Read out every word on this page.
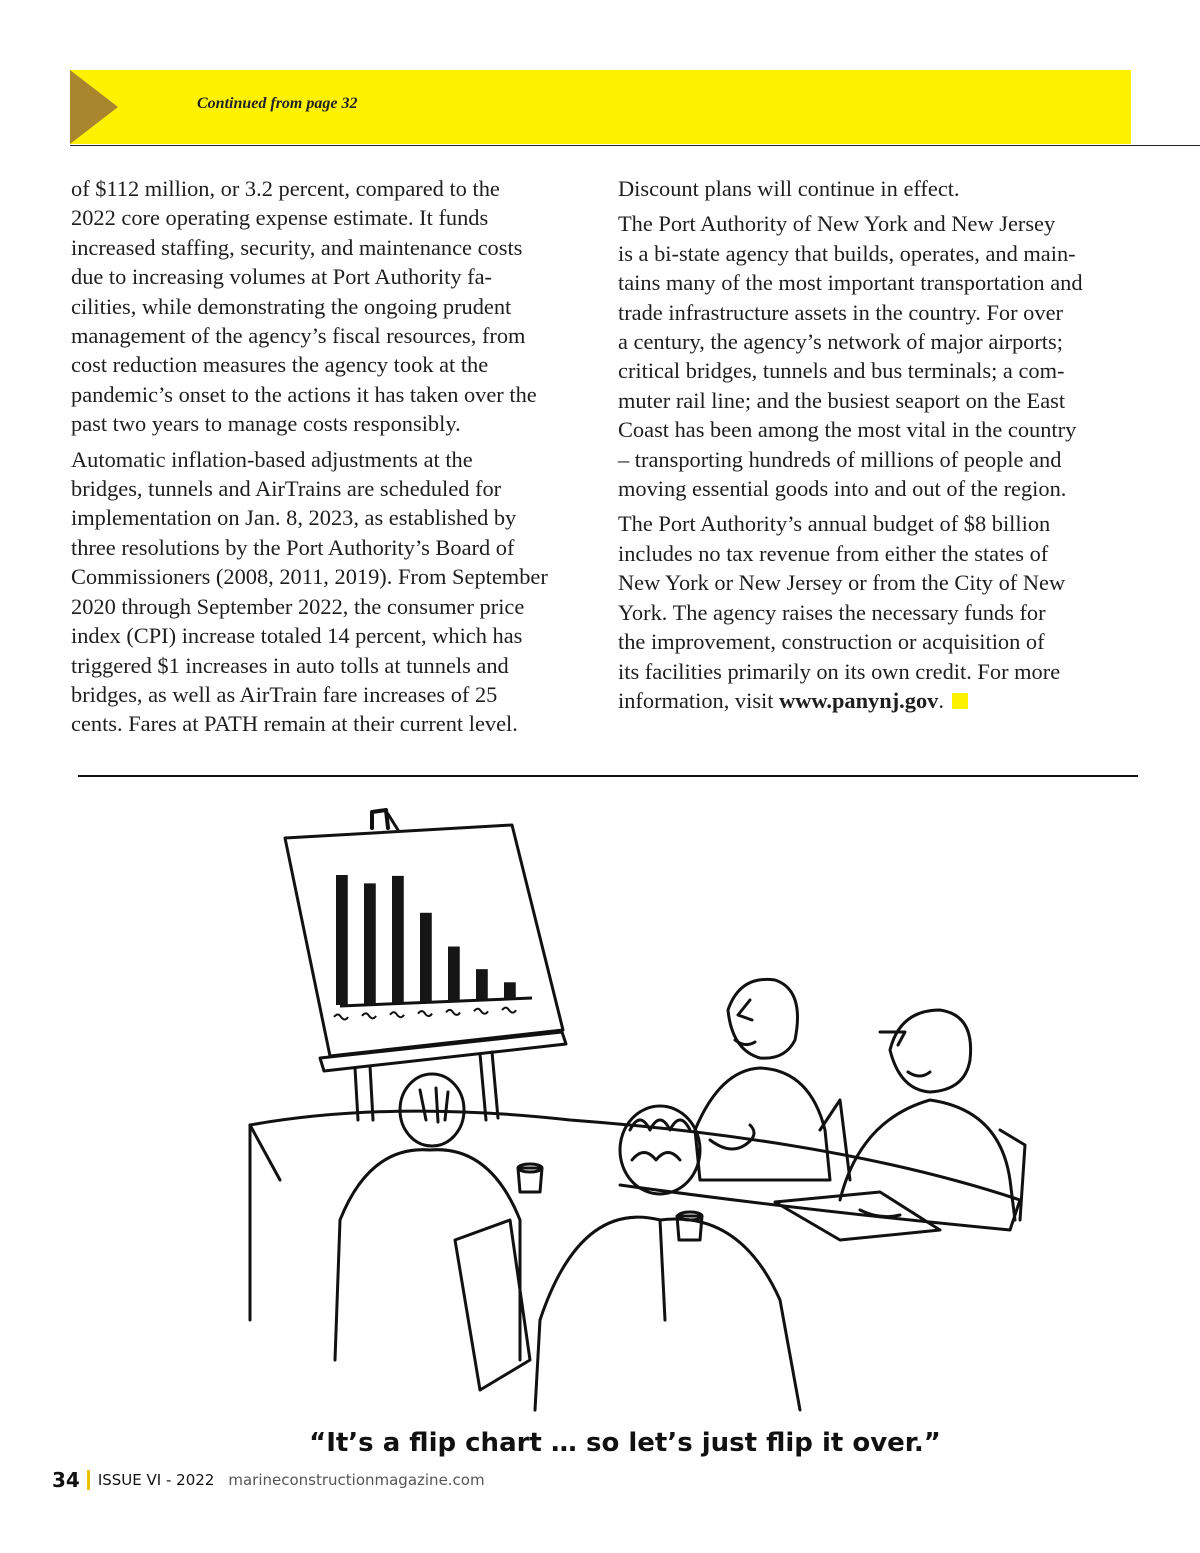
Continued from page 32

of $112 million, or 3.2 percent, compared to the
2022 core operating expense estimate. It funds
increased staffing, security, and maintenance costs
due to increasing volumes at Port Authority fa-
cilities, while demonstrating the ongoing prudent
management of the agency’s fiscal resources, from
cost reduction measures the agency took at the
pandemic’s onset to the actions it has taken over the
past two years to manage costs responsibly.

Automatic inflation-based adjustments at the
bridges, tunnels and AirTrains are scheduled for
implementation on Jan. 8, 2023, as established by
three resolutions by the Port Authority’s Board of
Commissioners (2008, 2011, 2019). From September
2020 through September 2022, the consumer price
index (CPI) increase totaled 14 percent, which has
triggered $1 increases in auto tolls at tunnels and
bridges, as well as AirTrain fare increases of 25
cents. Fares at PATH remain at their current level.

Discount plans will continue in effect.

The Port Authority of New York and New Jersey
is a bi-state agency that builds, operates, and main-
tains many of the most important transportation and
trade infrastructure assets in the country. For over
a century, the agency’s network of major airports;
critical bridges, tunnels and bus terminals; a com-
muter rail line; and the busiest seaport on the East
Coast has been among the most vital in the country
– transporting hundreds of millions of people and
moving essential goods into and out of the region.

The Port Authority’s annual budget of $8 billion
includes no tax revenue from either the states of
New York or New Jersey or from the City of New
York. The agency raises the necessary funds for
the improvement, construction or acquisition of
its facilities primarily on its own credit. For more
information, visit www.panynj.gov.

“It’s a flip chart … so let’s just flip it over.”
34 ISSUE VI - 2022 marineconstructionmagazine.com
